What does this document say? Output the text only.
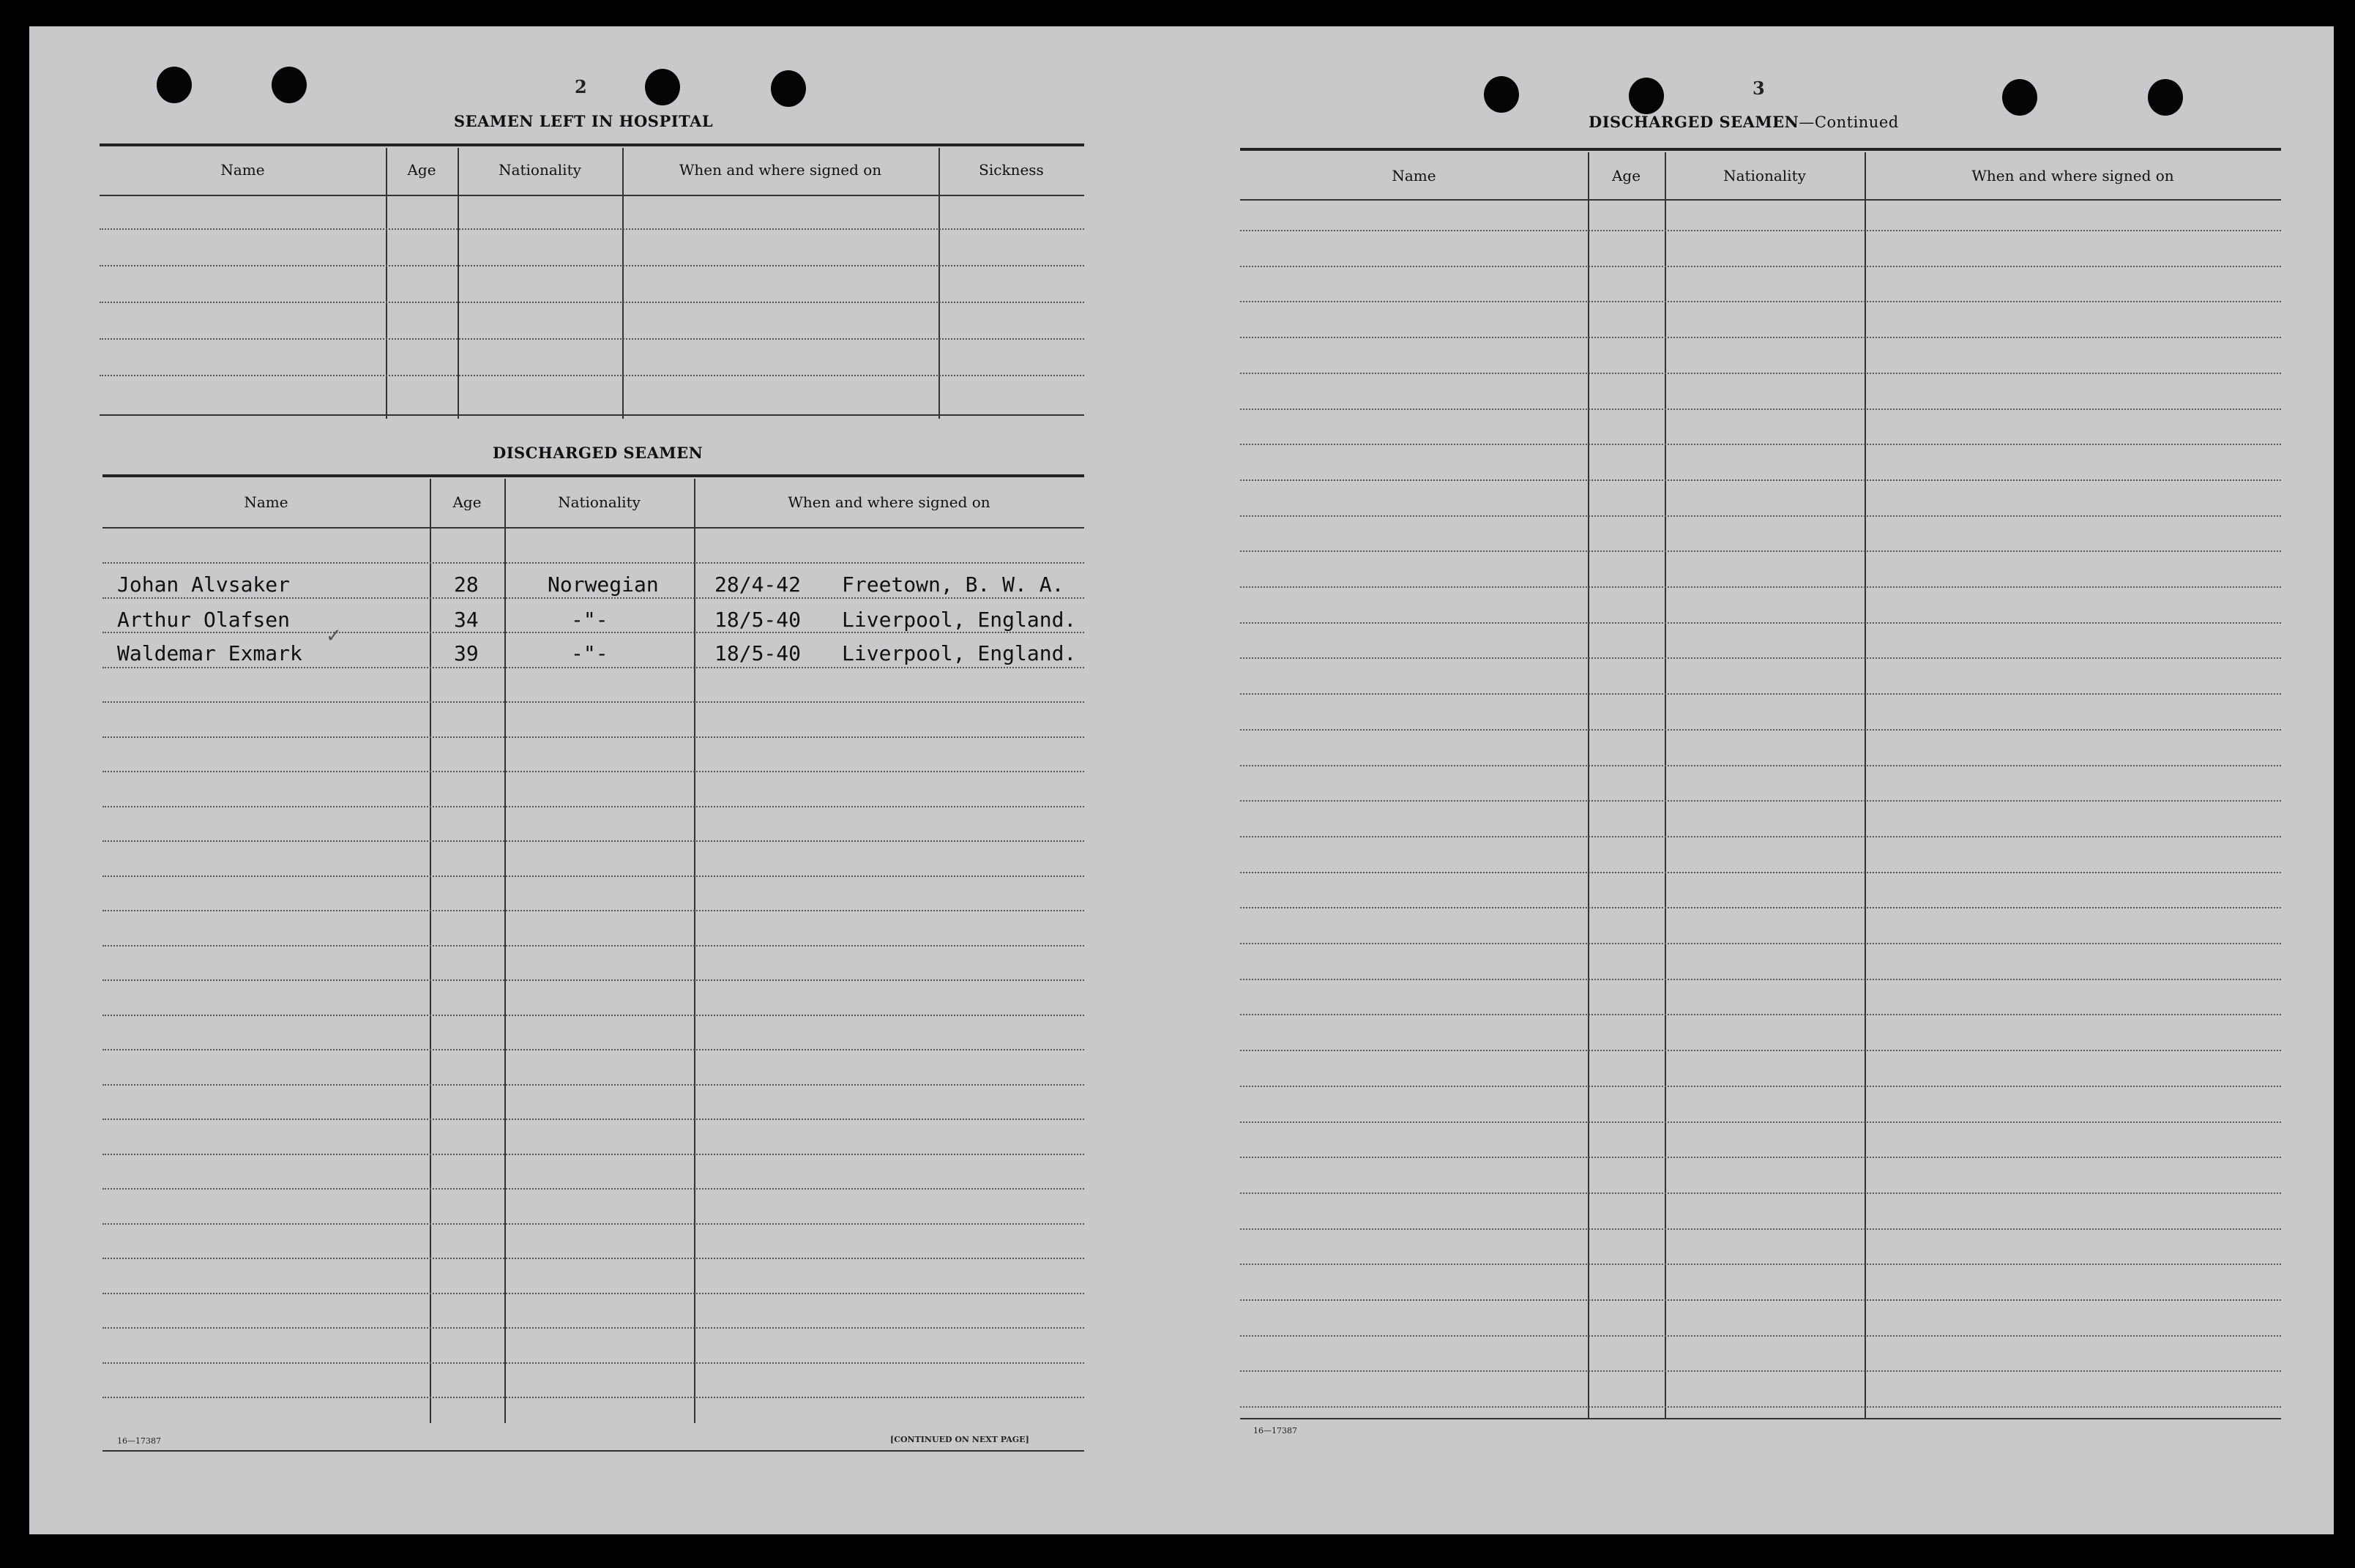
2
SEAMEN LEFT IN HOSPITAL
Name	Age	Nationality	When and where signed on	Sickness
DISCHARGED SEAMEN
Name	Age	Nationality	When and where signed on
Johan Alvsaker	28	Norwegian	28/4-42 Freetown, B. W. A.
Arthur Olafsen	34	-"-	18/5-40 Liverpool, England.
Waldemar Exmark	39	-"-	18/5-40 Liverpool, England.
✓
16—17387	[CONTINUED ON NEXT PAGE]
3
DISCHARGED SEAMEN—Continued
Name	Age	Nationality	When and where signed on
16—17387
